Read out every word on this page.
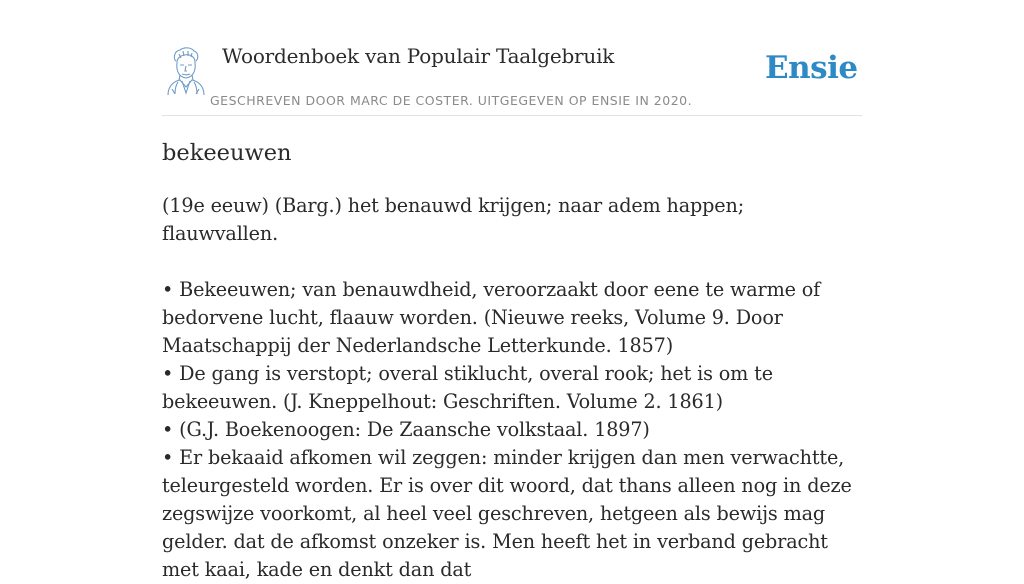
Woordenboek van Populair Taalgebruik
GESCHREVEN DOOR MARC DE COSTER. UITGEGEVEN OP ENSIE IN 2020.
Ensie
bekeeuwen

(19e eeuw) (Barg.) het benauwd krijgen; naar adem happen; flauwvallen.

• Bekeeuwen; van benauwdheid, veroorzaakt door eene te warme of bedorvene lucht, flaauw worden. (Nieuwe reeks, Volume 9. Door Maatschappij der Nederlandsche Letterkunde. 1857)

• De gang is verstopt; overal stiklucht, overal rook; het is om te bekeeuwen. (J. Kneppelhout: Geschriften. Volume 2. 1861)

• (G.J. Boekenoogen: De Zaansche volkstaal. 1897)

• Er bekaaid afkomen wil zeggen: minder krijgen dan men verwachtte, teleurgesteld worden. Er is over dit woord, dat thans alleen nog in deze zegswijze voorkomt, al heel veel geschreven, hetgeen als bewijs mag gelder. dat de afkomst onzeker is. Men heeft het in verband gebracht met kaai, kade en denkt dan dat
